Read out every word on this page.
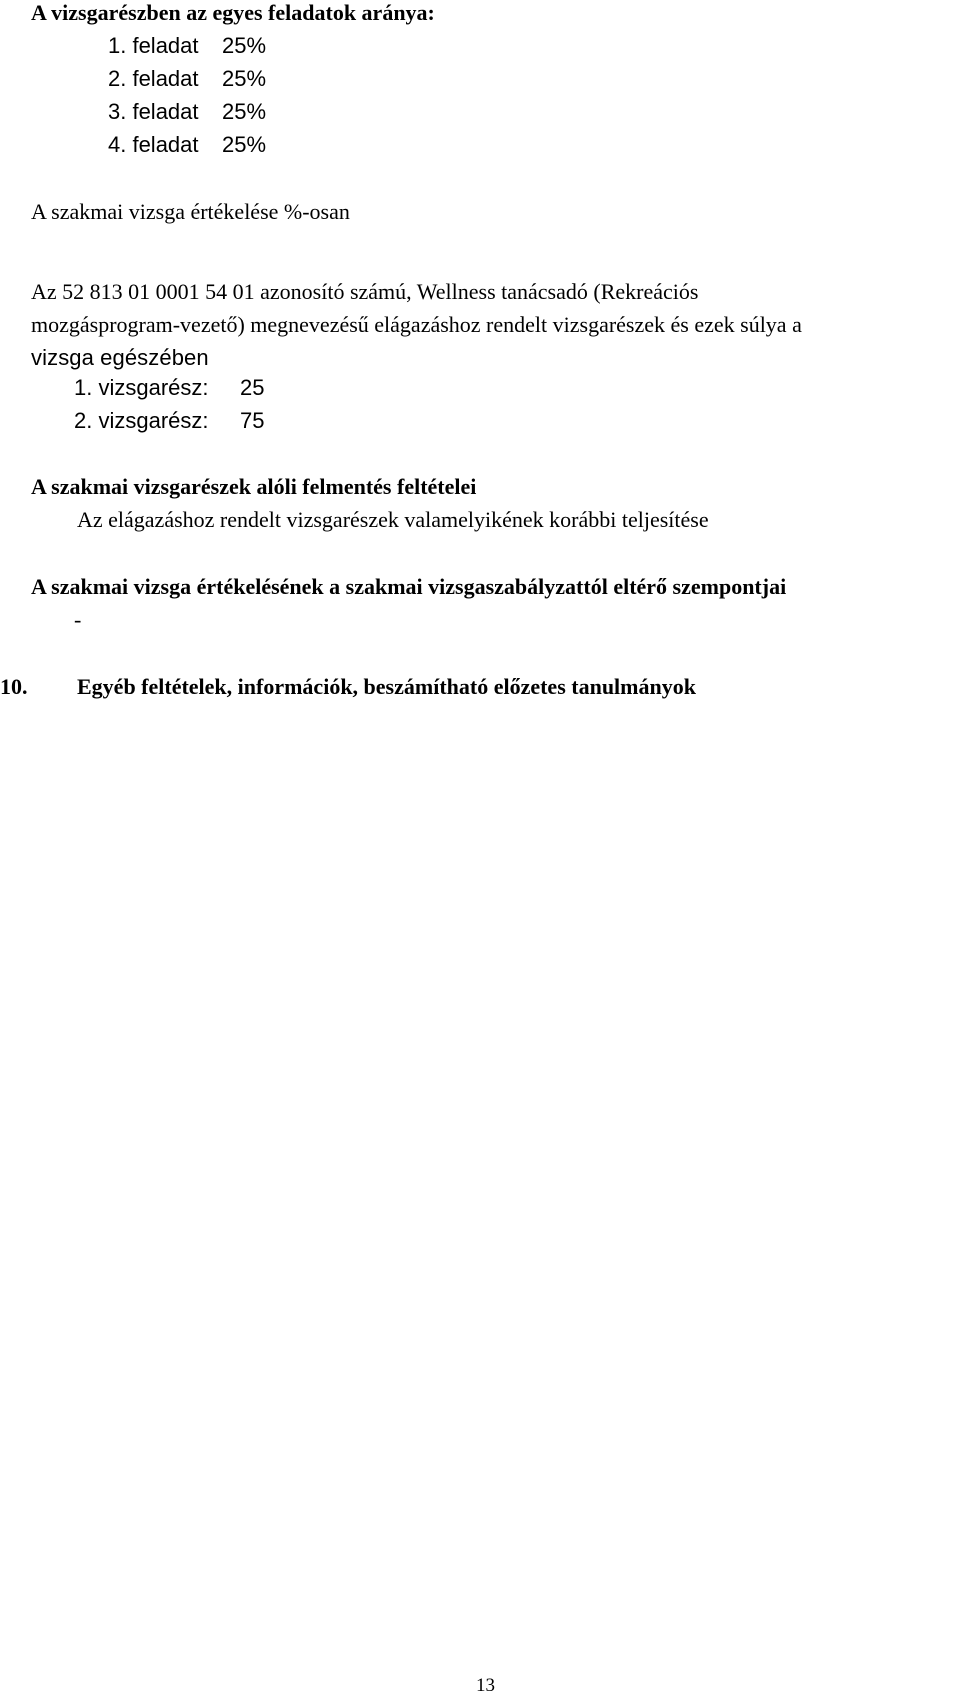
A vizsgarészben az egyes feladatok aránya:
1. feladat 25%
2. feladat 25%
3. feladat 25%
4. feladat 25%
A szakmai vizsga értékelése %-osan
Az 52 813 01 0001 54 01 azonosító számú, Wellness tanácsadó (Rekreációs
mozgásprogram-vezető) megnevezésű elágazáshoz rendelt vizsgarészek és ezek súlya a
vizsga egészében
1. vizsgarész: 25
2. vizsgarész: 75
A szakmai vizsgarészek alóli felmentés feltételei
Az elágazáshoz rendelt vizsgarészek valamelyikének korábbi teljesítése
A szakmai vizsga értékelésének a szakmai vizsgaszabályzattól eltérő szempontjai
-
10. Egyéb feltételek, információk, beszámítható előzetes tanulmányok
13
